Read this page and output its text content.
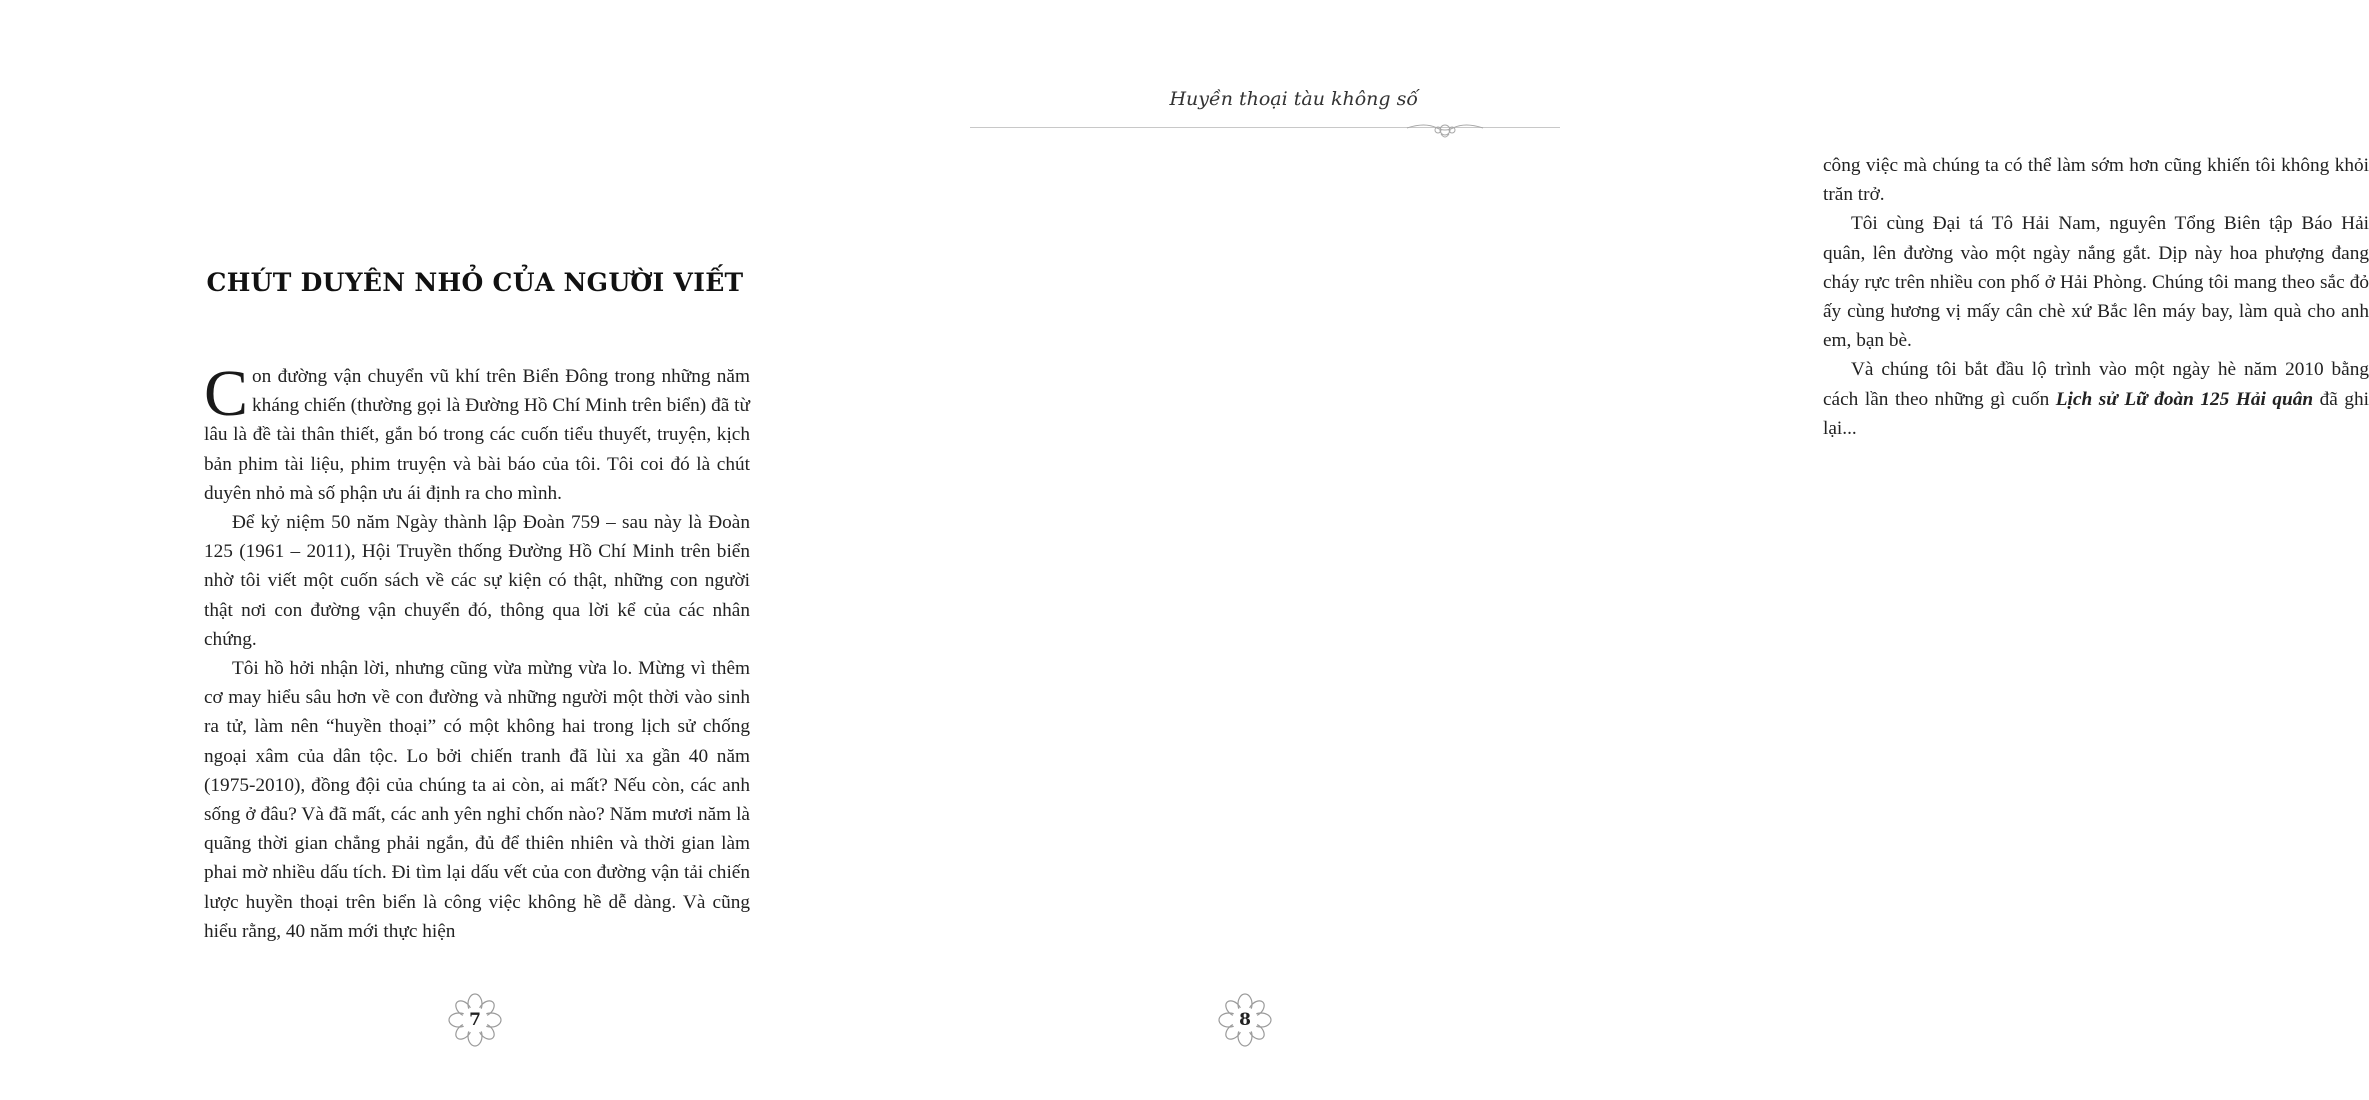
CHÚT DUYÊN NHỎ CỦA NGƯỜI VIẾT

Con đường vận chuyển vũ khí trên Biển Đông trong những năm kháng chiến (thường gọi là Đường Hồ Chí Minh trên biển) đã từ lâu là đề tài thân thiết, gắn bó trong các cuốn tiểu thuyết, truyện, kịch bản phim tài liệu, phim truyện và bài báo của tôi. Tôi coi đó là chút duyên nhỏ mà số phận ưu ái định ra cho mình.

Để kỷ niệm 50 năm Ngày thành lập Đoàn 759 – sau này là Đoàn 125 (1961 – 2011), Hội Truyền thống Đường Hồ Chí Minh trên biển nhờ tôi viết một cuốn sách về các sự kiện có thật, những con người thật nơi con đường vận chuyển đó, thông qua lời kể của các nhân chứng.

Tôi hồ hởi nhận lời, nhưng cũng vừa mừng vừa lo. Mừng vì thêm cơ may hiểu sâu hơn về con đường và những người một thời vào sinh ra tử, làm nên “huyền thoại” có một không hai trong lịch sử chống ngoại xâm của dân tộc. Lo bởi chiến tranh đã lùi xa gần 40 năm (1975-2010), đồng đội của chúng ta ai còn, ai mất? Nếu còn, các anh sống ở đâu? Và đã mất, các anh yên nghỉ chốn nào? Năm mươi năm là quãng thời gian chẳng phải ngắn, đủ để thiên nhiên và thời gian làm phai mờ nhiều dấu tích. Đi tìm lại dấu vết của con đường vận tải chiến lược huyền thoại trên biển là công việc không hề dễ dàng. Và cũng hiểu rằng, 40 năm mới thực hiện

7
Huyền thoại tàu không số

công việc mà chúng ta có thể làm sớm hơn cũng khiến tôi không khỏi trăn trở.

Tôi cùng Đại tá Tô Hải Nam, nguyên Tổng Biên tập Báo Hải quân, lên đường vào một ngày nắng gắt. Dịp này hoa phượng đang cháy rực trên nhiều con phố ở Hải Phòng. Chúng tôi mang theo sắc đỏ ấy cùng hương vị mấy cân chè xứ Bắc lên máy bay, làm quà cho anh em, bạn bè.

Và chúng tôi bắt đầu lộ trình vào một ngày hè năm 2010 bằng cách lần theo những gì cuốn Lịch sử Lữ đoàn 125 Hải quân đã ghi lại...

8
